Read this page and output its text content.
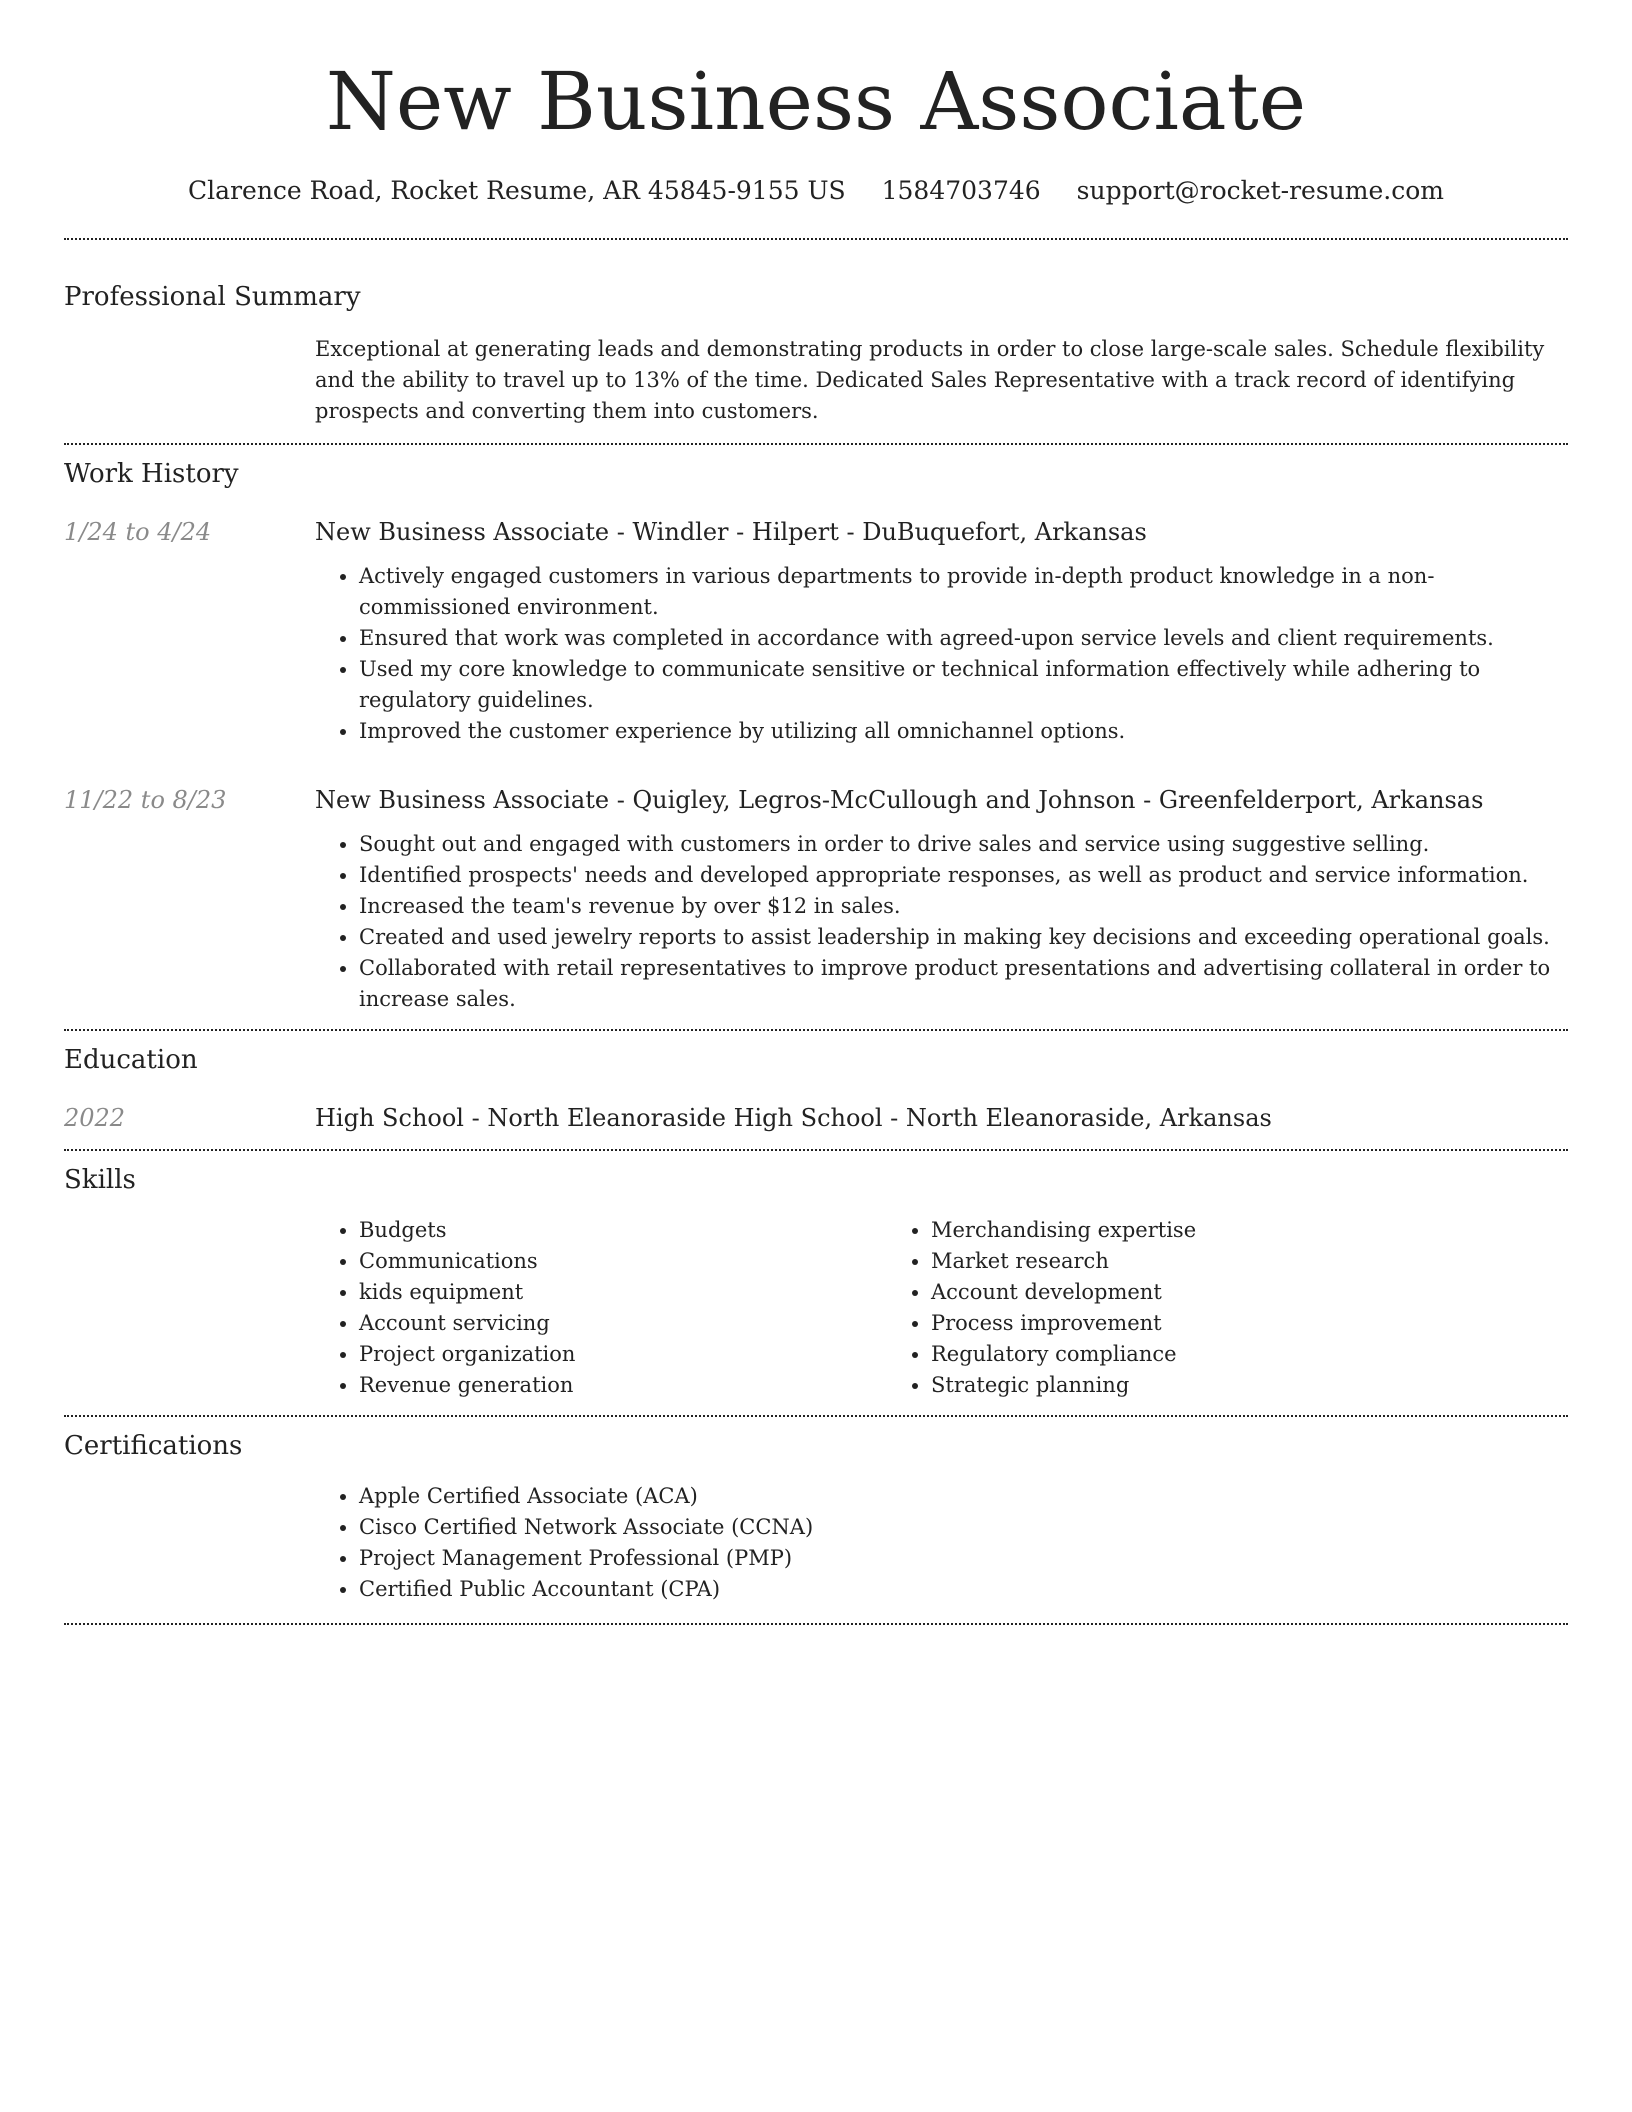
New Business Associate
Clarence Road, Rocket Resume, AR 45845-9155 US 1584703746 support@rocket-resume.com
Professional Summary
Exceptional at generating leads and demonstrating products in order to close large-scale sales. Schedule flexibility and the ability to travel up to 13% of the time. Dedicated Sales Representative with a track record of identifying prospects and converting them into customers.
Work History
1/24 to 4/24	New Business Associate - Windler - Hilpert - DuBuquefort, Arkansas
• Actively engaged customers in various departments to provide in-depth product knowledge in a non-commissioned environment.
• Ensured that work was completed in accordance with agreed-upon service levels and client requirements.
• Used my core knowledge to communicate sensitive or technical information effectively while adhering to regulatory guidelines.
• Improved the customer experience by utilizing all omnichannel options.
11/22 to 8/23	New Business Associate - Quigley, Legros-McCullough and Johnson - Greenfelderport, Arkansas
• Sought out and engaged with customers in order to drive sales and service using suggestive selling.
• Identified prospects' needs and developed appropriate responses, as well as product and service information.
• Increased the team's revenue by over $12 in sales.
• Created and used jewelry reports to assist leadership in making key decisions and exceeding operational goals.
• Collaborated with retail representatives to improve product presentations and advertising collateral in order to increase sales.
Education
2022	High School - North Eleanoraside High School - North Eleanoraside, Arkansas
Skills
• Budgets
• Communications
• kids equipment
• Account servicing
• Project organization
• Revenue generation
• Merchandising expertise
• Market research
• Account development
• Process improvement
• Regulatory compliance
• Strategic planning
Certifications
• Apple Certified Associate (ACA)
• Cisco Certified Network Associate (CCNA)
• Project Management Professional (PMP)
• Certified Public Accountant (CPA)
